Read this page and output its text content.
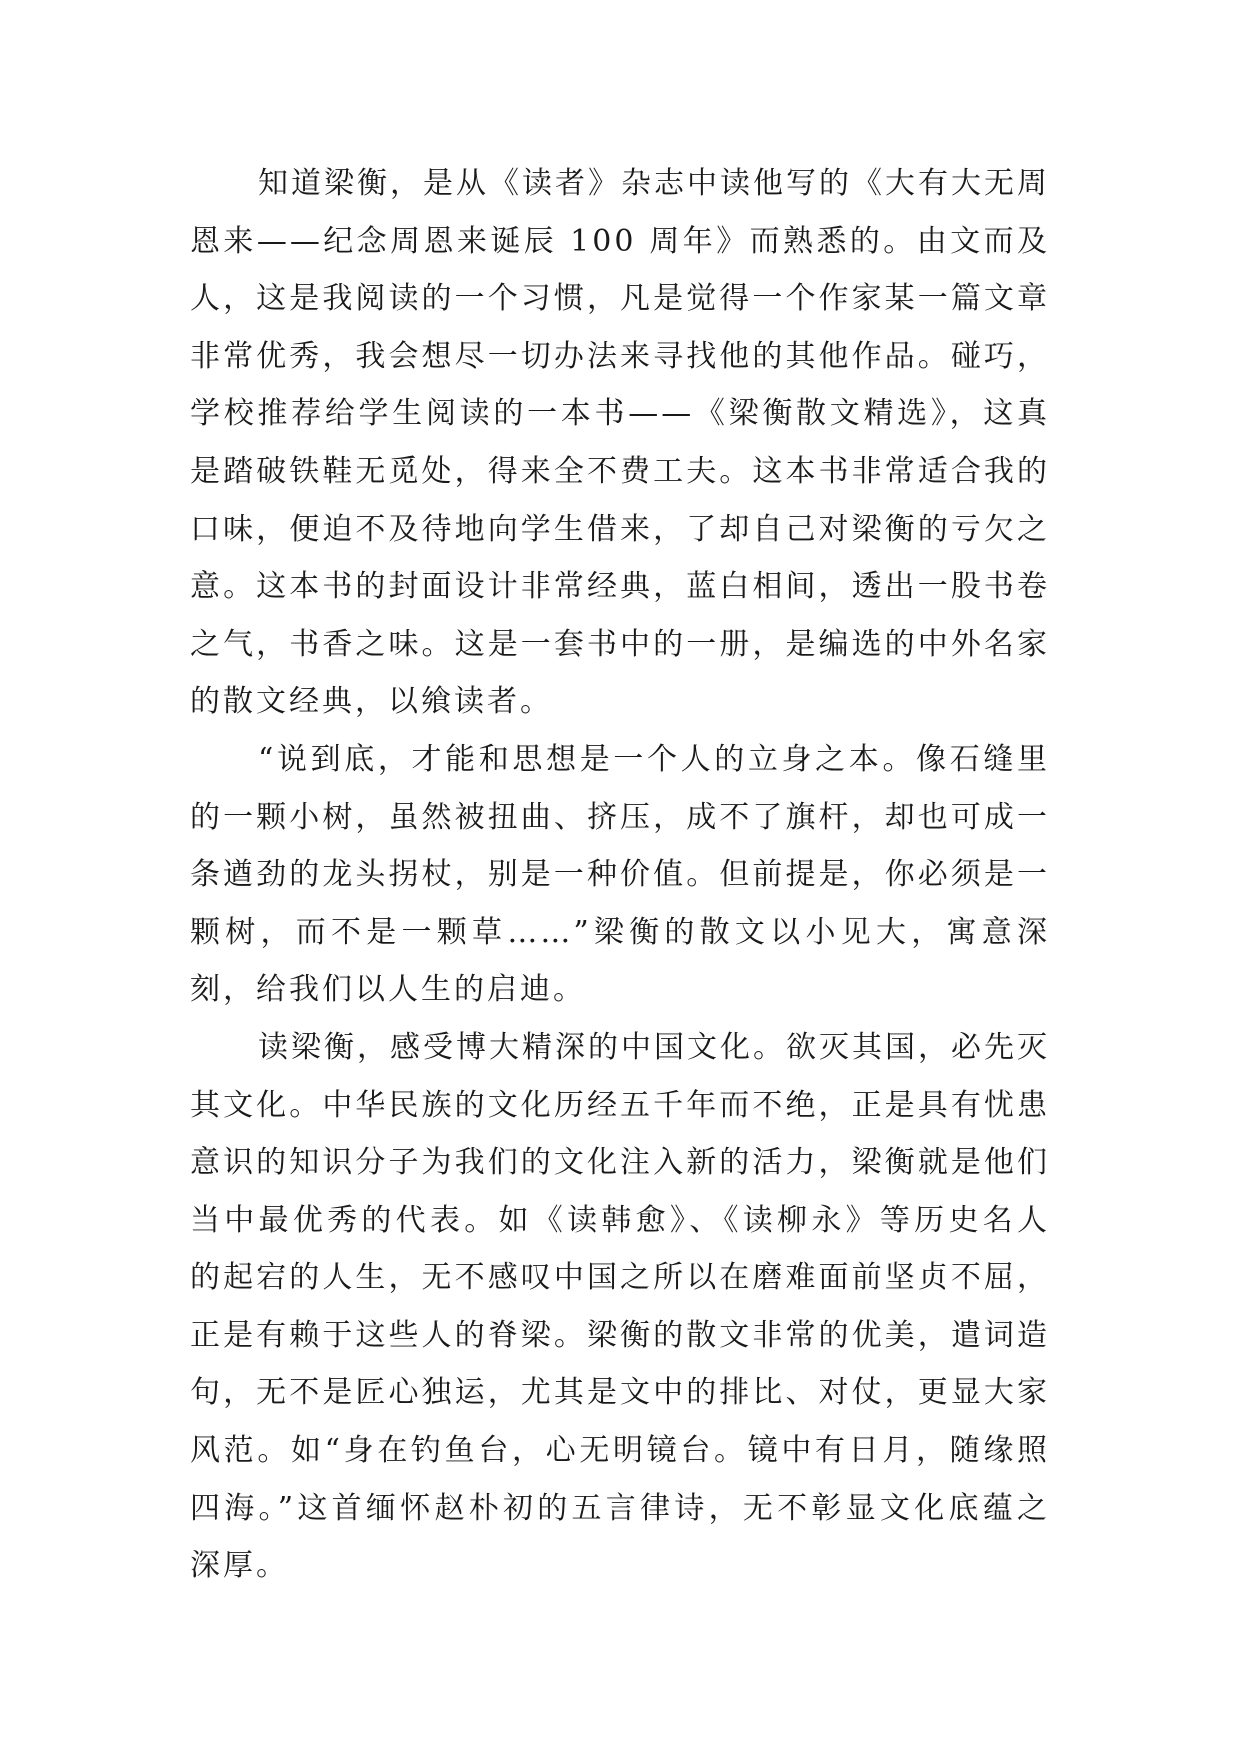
知道梁衡，是从《读者》杂志中读他写的《大有大无周恩来——纪念周恩来诞辰 100 周年》而熟悉的。由文而及人，这是我阅读的一个习惯，凡是觉得一个作家某一篇文章非常优秀，我会想尽一切办法来寻找他的其他作品。碰巧，学校推荐给学生阅读的一本书——《梁衡散文精选》，这真是踏破铁鞋无觅处，得来全不费工夫。这本书非常适合我的口味，便迫不及待地向学生借来，了却自己对梁衡的亏欠之意。这本书的封面设计非常经典，蓝白相间，透出一股书卷之气，书香之味。这是一套书中的一册，是编选的中外名家的散文经典，以飨读者。

“说到底，才能和思想是一个人的立身之本。像石缝里的一颗小树，虽然被扭曲、挤压，成不了旗杆，却也可成一条遒劲的龙头拐杖，别是一种价值。但前提是，你必须是一颗树，而不是一颗草……”梁衡的散文以小见大，寓意深刻，给我们以人生的启迪。

读梁衡，感受博大精深的中国文化。欲灭其国，必先灭其文化。中华民族的文化历经五千年而不绝，正是具有忧患意识的知识分子为我们的文化注入新的活力，梁衡就是他们当中最优秀的代表。如《读韩愈》、《读柳永》等历史名人的起宕的人生，无不感叹中国之所以在磨难面前坚贞不屈，正是有赖于这些人的脊梁。梁衡的散文非常的优美，遣词造句，无不是匠心独运，尤其是文中的排比、对仗，更显大家风范。如“身在钓鱼台，心无明镜台。镜中有日月，随缘照四海。”这首缅怀赵朴初的五言律诗，无不彰显文化底蕴之深厚。
